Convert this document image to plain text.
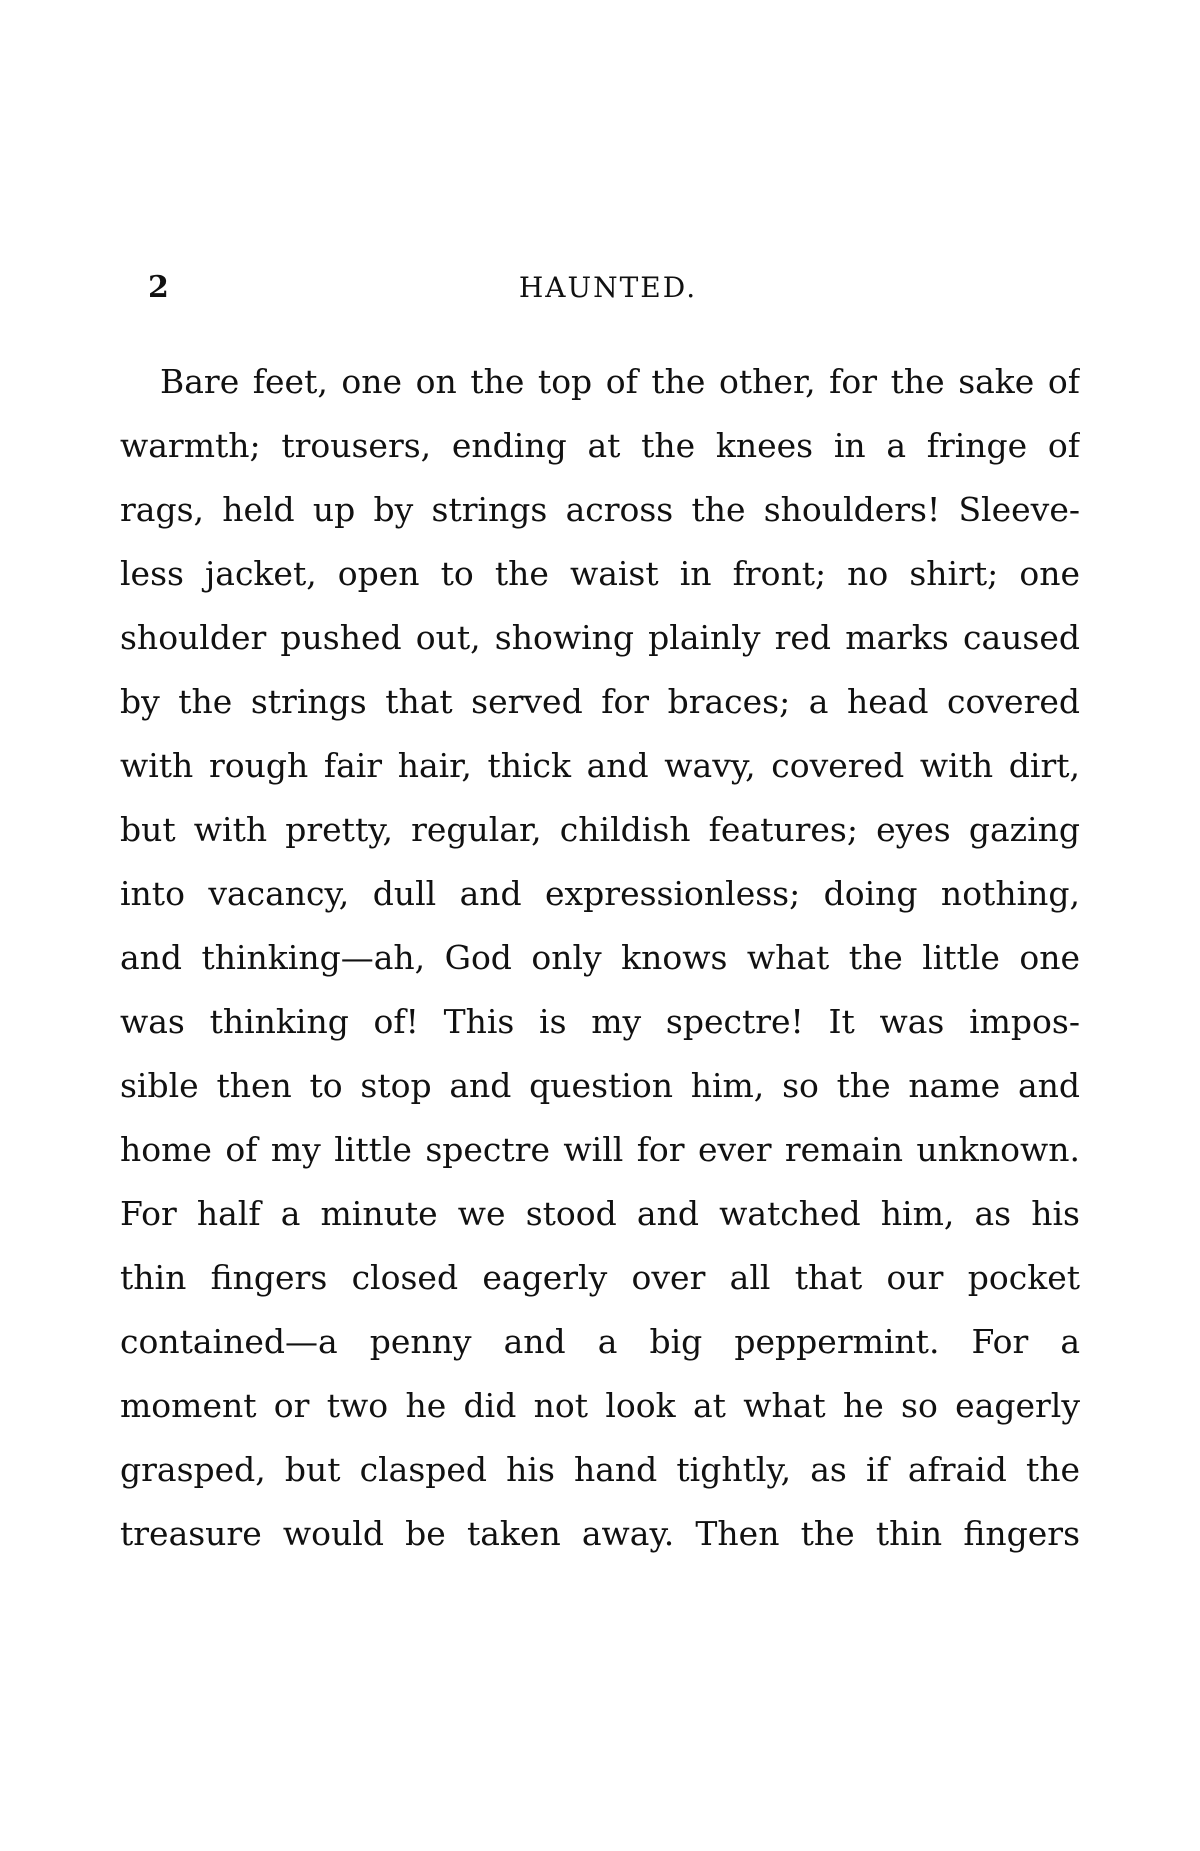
2	HAUNTED.
Bare feet, one on the top of the other, for the sake of
warmth; trousers, ending at the knees in a fringe of
rags, held up by strings across the shoulders! Sleeve-
less jacket, open to the waist in front; no shirt; one
shoulder pushed out, showing plainly red marks caused
by the strings that served for braces; a head covered
with rough fair hair, thick and wavy, covered with dirt,
but with pretty, regular, childish features; eyes gazing
into vacancy, dull and expressionless; doing nothing,
and thinking—ah, God only knows what the little one
was thinking of! This is my spectre! It was impos-
sible then to stop and question him, so the name and
home of my little spectre will for ever remain unknown.
For half a minute we stood and watched him, as his
thin fingers closed eagerly over all that our pocket
contained—a penny and a big peppermint. For a
moment or two he did not look at what he so eagerly
grasped, but clasped his hand tightly, as if afraid the
treasure would be taken away. Then the thin fingers
